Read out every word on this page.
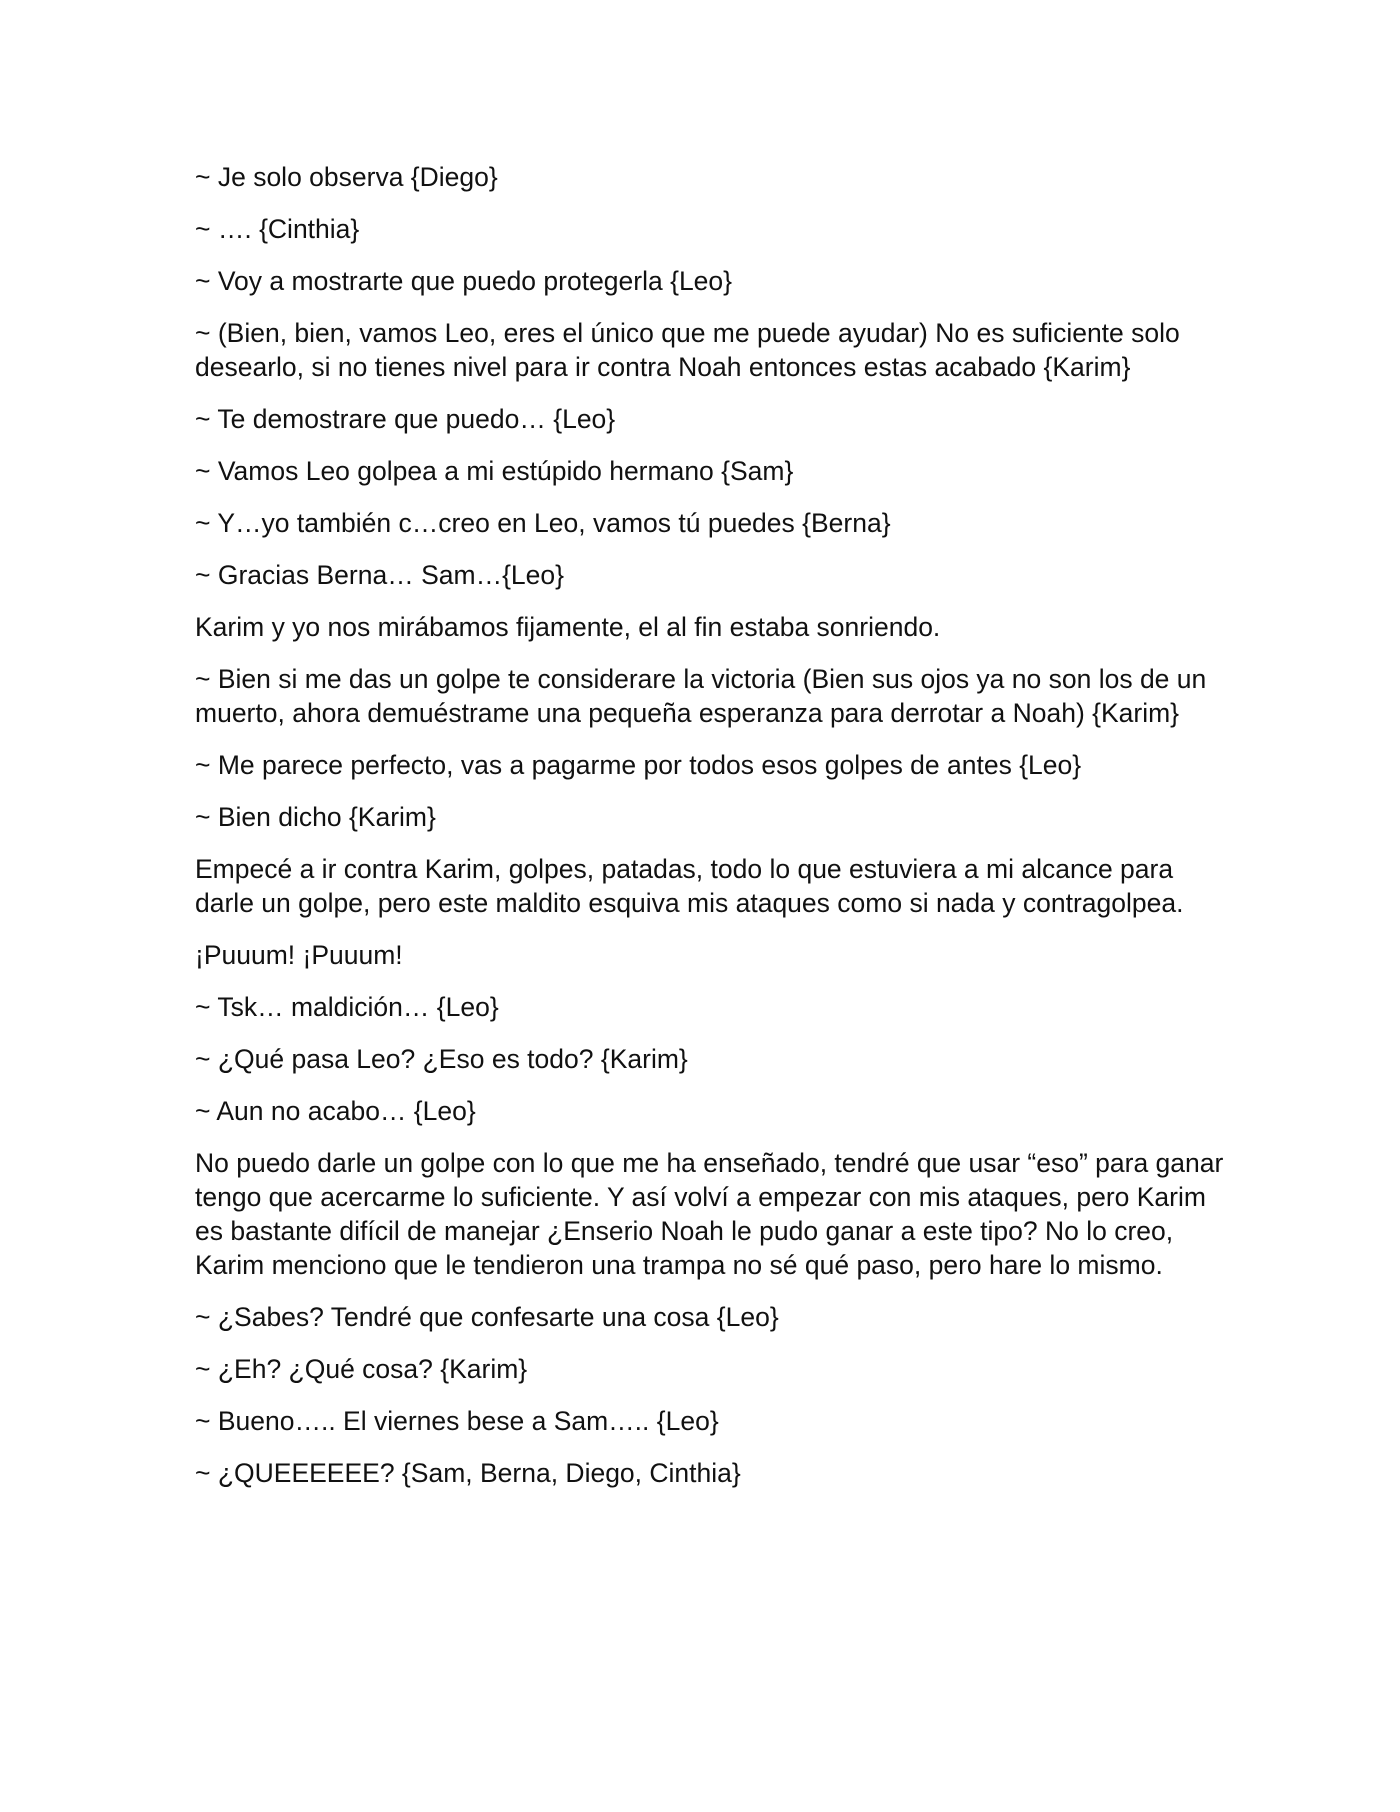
~ Je solo observa {Diego}

~ …. {Cinthia}

~ Voy a mostrarte que puedo protegerla {Leo}

~ (Bien, bien, vamos Leo, eres el único que me puede ayudar) No es suficiente solo desearlo, si no tienes nivel para ir contra Noah entonces estas acabado {Karim}

~ Te demostrare que puedo… {Leo}

~ Vamos Leo golpea a mi estúpido hermano {Sam}

~ Y…yo también c…creo en Leo, vamos tú puedes {Berna}

~ Gracias Berna… Sam…{Leo}

Karim y yo nos mirábamos fijamente, el al fin estaba sonriendo.

~ Bien si me das un golpe te considerare la victoria (Bien sus ojos ya no son los de un muerto, ahora demuéstrame una pequeña esperanza para derrotar a Noah) {Karim}

~ Me parece perfecto, vas a pagarme por todos esos golpes de antes {Leo}

~ Bien dicho {Karim}

Empecé a ir contra Karim, golpes, patadas, todo lo que estuviera a mi alcance para darle un golpe, pero este maldito esquiva mis ataques como si nada y contragolpea.

¡Puuum! ¡Puuum!

~ Tsk… maldición… {Leo}

~ ¿Qué pasa Leo? ¿Eso es todo? {Karim}

~ Aun no acabo… {Leo}

No puedo darle un golpe con lo que me ha enseñado, tendré que usar “eso” para ganar tengo que acercarme lo suficiente. Y así volví a empezar con mis ataques, pero Karim es bastante difícil de manejar ¿Enserio Noah le pudo ganar a este tipo? No lo creo, Karim menciono que le tendieron una trampa no sé qué paso, pero hare lo mismo.

~ ¿Sabes? Tendré que confesarte una cosa {Leo}

~ ¿Eh? ¿Qué cosa? {Karim}

~ Bueno….. El viernes bese a Sam….. {Leo}

~ ¿QUEEEEEE? {Sam, Berna, Diego, Cinthia}
